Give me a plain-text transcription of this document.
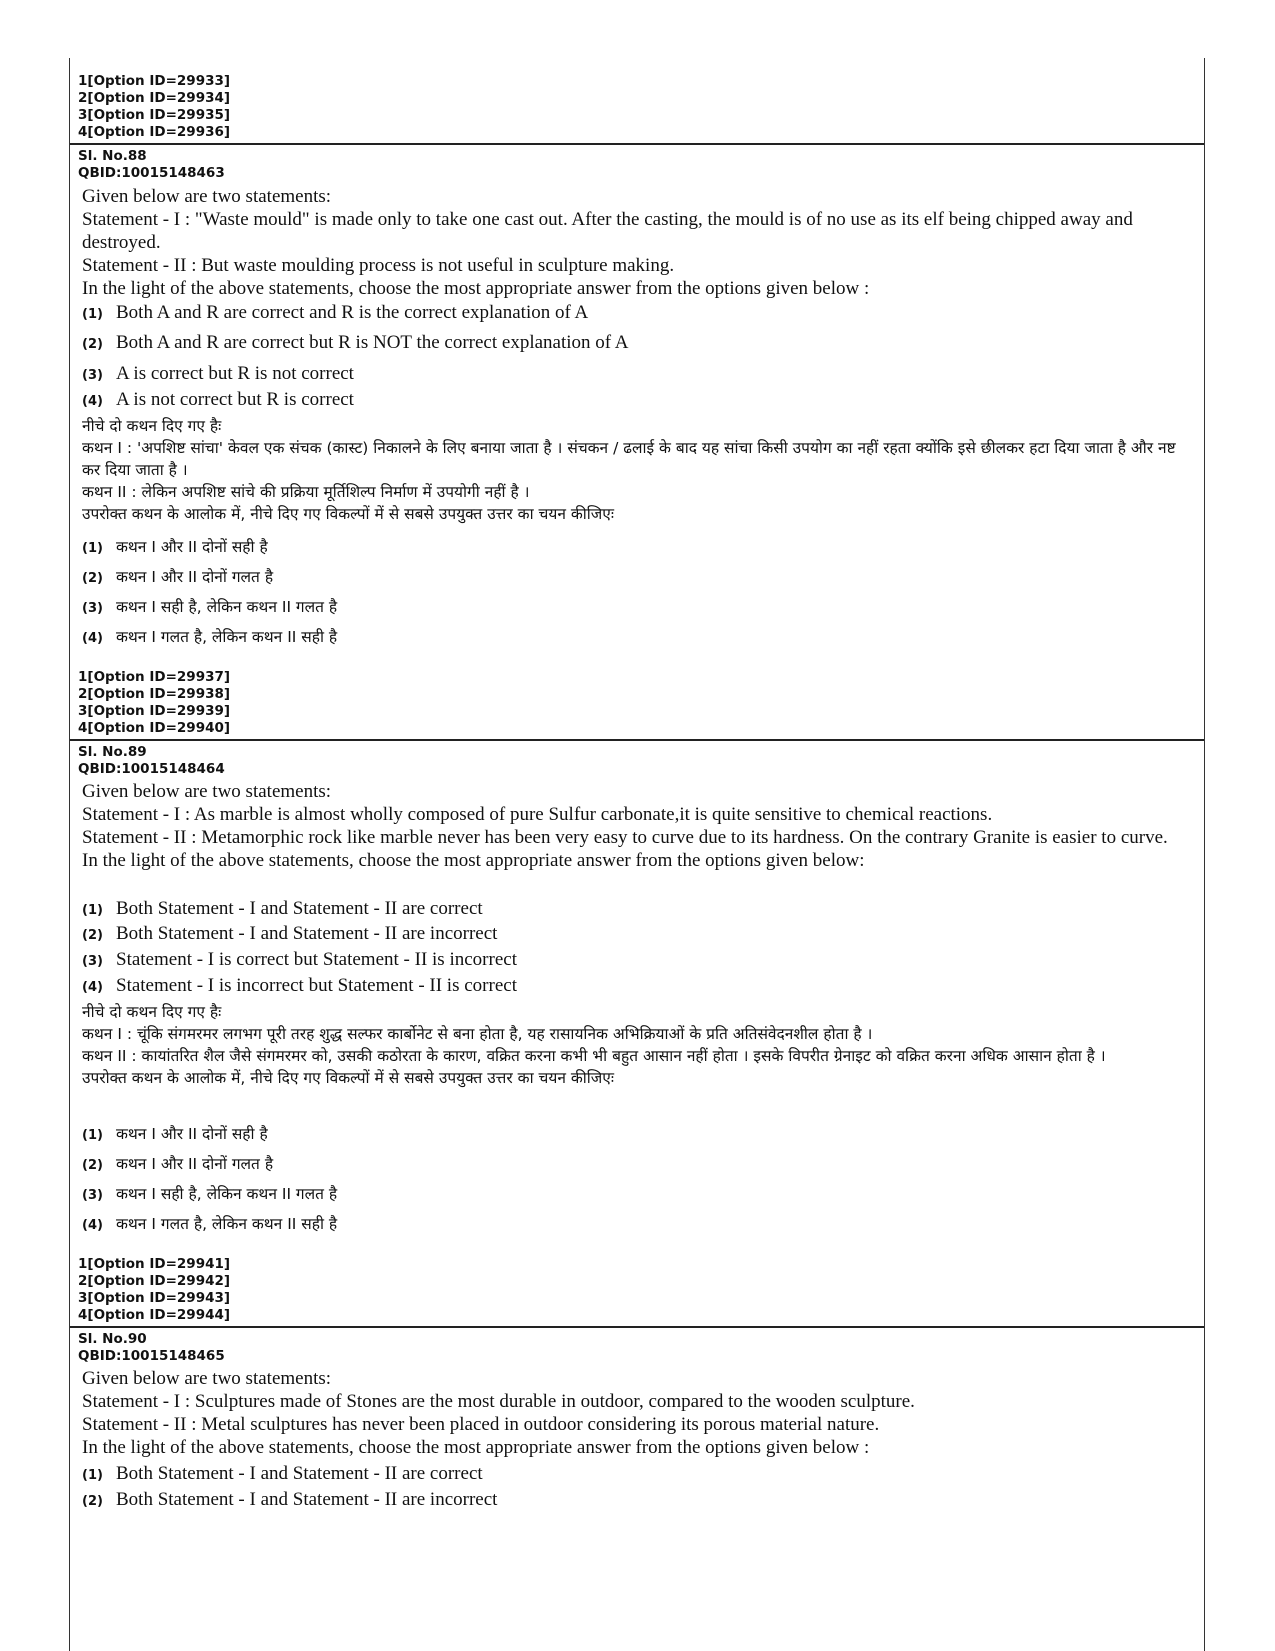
1[Option ID=29933]
2[Option ID=29934]
3[Option ID=29935]
4[Option ID=29936]
Sl. No.88
QBID:10015148463
Given below are two statements:
Statement - I : "Waste mould" is made only to take one cast out. After the casting, the mould is of no use as its elf being chipped away and destroyed.
Statement - II : But waste moulding process is not useful in sculpture making.
In the light of the above statements, choose the most appropriate answer from the options given below :
(1) Both A and R are correct and R is the correct explanation of A
(2) Both A and R are correct but R is NOT the correct explanation of A
(3) A is correct but R is not correct
(4) A is not correct but R is correct
नीचे दो कथन दिए गए हैः
कथन I : 'अपशिष्ट सांचा' केवल एक संचक (कास्ट) निकालने के लिए बनाया जाता है । संचकन / ढलाई के बाद यह सांचा किसी उपयोग का नहीं रहता क्योंकि इसे छीलकर हटा दिया जाता है और नष्ट कर दिया जाता है ।
कथन II : लेकिन अपशिष्ट सांचे की प्रक्रिया मूर्तिशिल्प निर्माण में उपयोगी नहीं है ।
उपरोक्त कथन के आलोक में, नीचे दिए गए विकल्पों में से सबसे उपयुक्त उत्तर का चयन कीजिएः
(1) कथन I और II दोनों सही है
(2) कथन I और II दोनों गलत है
(3) कथन I सही है, लेकिन कथन II गलत है
(4) कथन I गलत है, लेकिन कथन II सही है
1[Option ID=29937]
2[Option ID=29938]
3[Option ID=29939]
4[Option ID=29940]
Sl. No.89
QBID:10015148464
Given below are two statements:
Statement - I : As marble is almost wholly composed of pure Sulfur carbonate,it is quite sensitive to chemical reactions.
Statement - II : Metamorphic rock like marble never has been very easy to curve due to its hardness. On the contrary Granite is easier to curve.
In the light of the above statements, choose the most appropriate answer from the options given below:
(1) Both Statement - I and Statement - II are correct
(2) Both Statement - I and Statement - II are incorrect
(3) Statement - I is correct but Statement - II is incorrect
(4) Statement - I is incorrect but Statement - II is correct
नीचे दो कथन दिए गए हैः
कथन I : चूंकि संगमरमर लगभग पूरी तरह शुद्ध सल्फर कार्बोनेट से बना होता है, यह रासायनिक अभिक्रियाओं के प्रति अतिसंवेदनशील होता है ।
कथन II : कायांतरित शैल जैसे संगमरमर को, उसकी कठोरता के कारण, वक्रित करना कभी भी बहुत आसान नहीं होता । इसके विपरीत ग्रेनाइट को वक्रित करना अधिक आसान होता है ।
उपरोक्त कथन के आलोक में, नीचे दिए गए विकल्पों में से सबसे उपयुक्त उत्तर का चयन कीजिएः
(1) कथन I और II दोनों सही है
(2) कथन I और II दोनों गलत है
(3) कथन I सही है, लेकिन कथन II गलत है
(4) कथन I गलत है, लेकिन कथन II सही है
1[Option ID=29941]
2[Option ID=29942]
3[Option ID=29943]
4[Option ID=29944]
Sl. No.90
QBID:10015148465
Given below are two statements:
Statement - I : Sculptures made of Stones are the most durable in outdoor, compared to the wooden sculpture.
Statement - II : Metal sculptures has never been placed in outdoor considering its porous material nature.
In the light of the above statements, choose the most appropriate answer from the options given below :
(1) Both Statement - I and Statement - II are correct
(2) Both Statement - I and Statement - II are incorrect
